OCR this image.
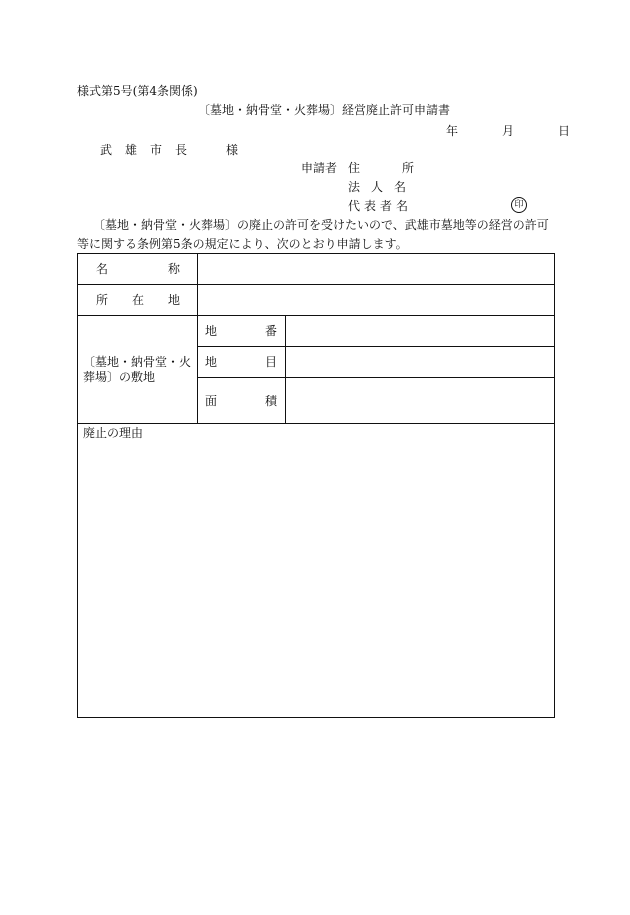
様式第5号(第4条関係)
〔墓地・納骨堂・火葬場〕経営廃止許可申請書
年	月	日
武雄市長 様
申請者 住所
法人名
代表者名	印
〔墓地・納骨堂・火葬場〕の廃止の許可を受けたいので、武雄市墓地等の経営の許可
等に関する条例第5条の規定により、次のとおり申請します。
名	称
所 在 地
〔墓地・納骨堂・火
葬場〕の敷地
地	番
地	目
面	積
廃止の理由
